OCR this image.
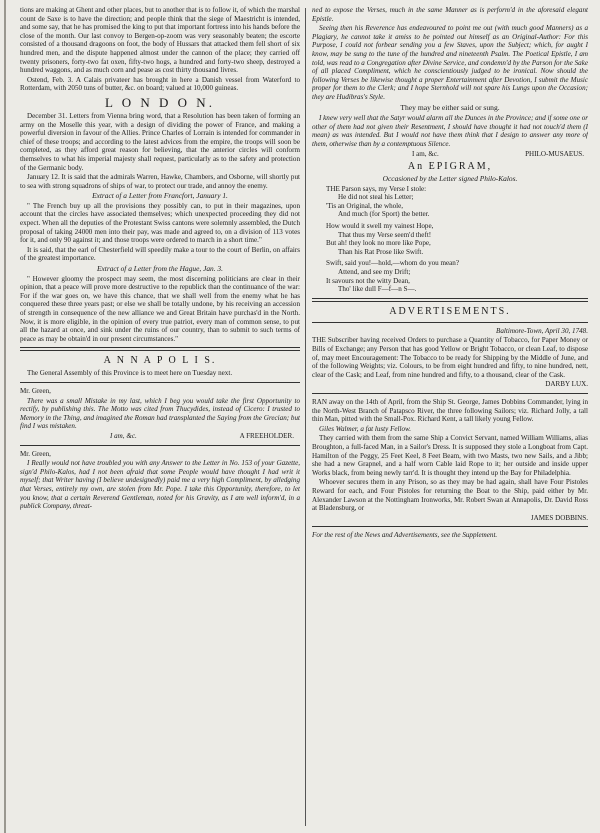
tions are making at Ghent and other places, but to another that is to follow it, of which the marshal count de Saxe is to have the direction; and people think that the siege of Maestricht is intended, and some say, that he has promised the king to put that important fortress into his hands before the close of the month. Our last convoy to Bergen-op-zoom was very seasonably beaten; the escorte consisted of a thousand dragoons on foot, the body of Hussars that attacked them fell short of six hundred men, and the dispute happened almost under the cannon of the place; they carried off twenty prisoners, forty-two fat oxen, fifty-two hogs, a hundred and forty-two sheep, destroyed a hundred waggons, and as much corn and pease as cost thirty thousand livres.

Ostend, Feb. 3. A Calais privateer has brought in here a Danish vessel from Waterford to Rotterdam, with 2050 tuns of butter, &c. on board; valued at 10,000 guineas.

L O N D O N.

December 31. Letters from Vienna bring word, that a Resolution has been taken of forming an army on the Moselle this year, with a design of dividing the power of France, and making a powerful diversion in favour of the Allies. Prince Charles of Lorrain is intended for commander in chief of these troops; and according to the latest advices from the empire, the troops will soon be completed, as they afford great reason for believing, that the anterior circles will conform themselves to what his imperial majesty shall request, particularly as to the safety and protection of the Germanic body.

January 12. It is said that the admirals Warren, Hawke, Chambers, and Osborne, will shortly put to sea with strong squadrons of ships of war, to protect our trade, and annoy the enemy.

Extract of a Letter from Francfort, January 1.

" The French buy up all the provisions they possibly can, to put in their magazines, upon account that the circles have associated themselves; which unexpected proceeding they did not expect. When all the deputies of the Protestant Swiss cantons were solemnly assembled, the Dutch proposal of taking 24000 men into their pay, was made and agreed to, on a division of 113 votes for it, and only 90 against it; and those troops were ordered to march in a short time."

It is said, that the earl of Chesterfield will speedily make a tour to the court of Berlin, on affairs of the greatest importance.

Extract of a Letter from the Hague, Jan. 3.

" However gloomy the prospect may seem, the most discerning politicians are clear in their opinion, that a peace will prove more destructive to the republick than the continuance of the war: For if the war goes on, we have this chance, that we shall well from the enemy what he has conquered these three years past; or else we shall be totally undone, by his receiving an accession of strength in consequence of the new alliance we and Great Britain have purchas'd in the North. Now, it is more eligible, in the opinion of every true patriot, every man of common sense, to put all the hazard at once, and sink under the ruins of our country, than to submit to such terms of peace as may be obtain'd in our present circumstances."

A N N A P O L I S.

The General Assembly of this Province is to meet here on Tuesday next.

Mr. Green,

There was a small Mistake in my last, which I beg you would take the first Opportunity to rectify, by publishing this. The Motto was cited from Thucydides, instead of Cicero: I trusted to Memory in the Thing, and imagined the Roman had transplanted the Saying from the Grecian; but find I was mistaken.

I am, &c.	A FREEHOLDER.

Mr. Green,

I Really would not have troubled you with any Answer to the Letter in No. 153 of your Gazette, sign'd Philo-Kalos, had I not been afraid that some People would have thought I had writ it myself; that Writer having (I believe undesignedly) paid me a very high Compliment, by alledging that Verses, entirely my own, are stolen from Mr. Pope. I take this Opportunity, therefore, to let you know, that a certain Reverend Gentleman, noted for his Gravity, as I am well inform'd, in a publick Company, threat-

ned to expose the Verses, much in the same Manner as is perform'd in the aforesaid elegant Epistle.

Seeing then his Reverence has endeavoured to point me out (with much good Manners) as a Plagiary, he cannot take it amiss to be pointed out himself as an Original-Author: For this Purpose, I could not forbear sending you a few Staves, upon the Subject; which, for aught I know, may be sung to the tune of the hundred and nineteenth Psalm. The Poetical Epistle, I am told, was read to a Congregation after Divine Service, and condemn'd by the Parson for the Sake of all placed Compliment, which he conscientiously judged to be ironical. Now should the following Verses be likewise thought a proper Entertainment after Devotion, I submit the Music proper for them to the Clerk; and I hope Sternhold will not spare his Lungs upon the Occasion; they are Hudibras's Style.

They may be either said or sung.

I knew very well that the Satyr would alarm all the Dunces in the Province; and if some one or other of them had not given their Resentment, I should have thought it had not touch'd them (I mean) as was intended. But I would not have them think that I design to answer any more of them, otherwise than by a contemptuous Silence.

I am, &c.	PHILO-MUSAEUS.
An EPIGRAM,
Occasioned by the Letter signed Philo-Kalos.

THE Parson says, my Verse I stole:

He did not steal his Letter;

'Tis an Original, the whole,

And much (for Sport) the better.

How would it swell my vainest Hope,

That thus my Verse seem'd theft!

But ah! they look no more like Pope,

Than his Rat Prose like Swift.

Swift, said you!—hold,—whom do you mean?

Attend, and see my Drift;

It savours not the witty Dean,

Tho' like dull F—f—n S—.

ADVERTISEMENTS.
Baltimore-Town, April 30, 1748.

THE Subscriber having received Orders to purchase a Quantity of Tobacco, for Paper Money or Bills of Exchange; any Person that has good Yellow or Bright Tobacco, or clean Leaf, to dispose of, may meet Encouragement: The Tobacco to be ready for Shipping by the Middle of June, and of the following Weights; viz. Colours, to be from eight hundred and fifty, to nine hundred, nett, clear of the Cask; and Leaf, from nine hundred and fifty, to a thousand, clear of the Cask.

DARBY LUX.

RAN away on the 14th of April, from the Ship St. George, James Dobbins Commander, lying in the North-West Branch of Patapsco River, the three following Sailors; viz. Richard Jolly, a tall thin Man, pitted with the Small-Pox. Richard Kent, a tall likely young Fellow.

Giles Walmer, a fat lusty Fellow.

They carried with them from the same Ship a Convict Servant, named William Williams, alias Broughton, a full-faced Man, in a Sailor's Dress. It is supposed they stole a Longboat from Capt. Hamilton of the Peggy, 25 Feet Keel, 8 Feet Beam, with two Masts, two new Sails, and a Jibb; she had a new Grapnel, and a half worn Cable laid Rope to it; her outside and inside upper Works black, from being newly tarr'd. It is thought they intend up the Bay for Philadelphia.

Whoever secures them in any Prison, so as they may be had again, shall have Four Pistoles Reward for each, and Four Pistoles for returning the Boat to the Ship, paid either by Mr. Alexander Lawson at the Nottingham Ironworks, Mr. Robert Swan at Annapolis, Dr. David Ross at Bladensburg, or

JAMES DOBBINS.

For the rest of the News and Advertisements, see the Supplement.
